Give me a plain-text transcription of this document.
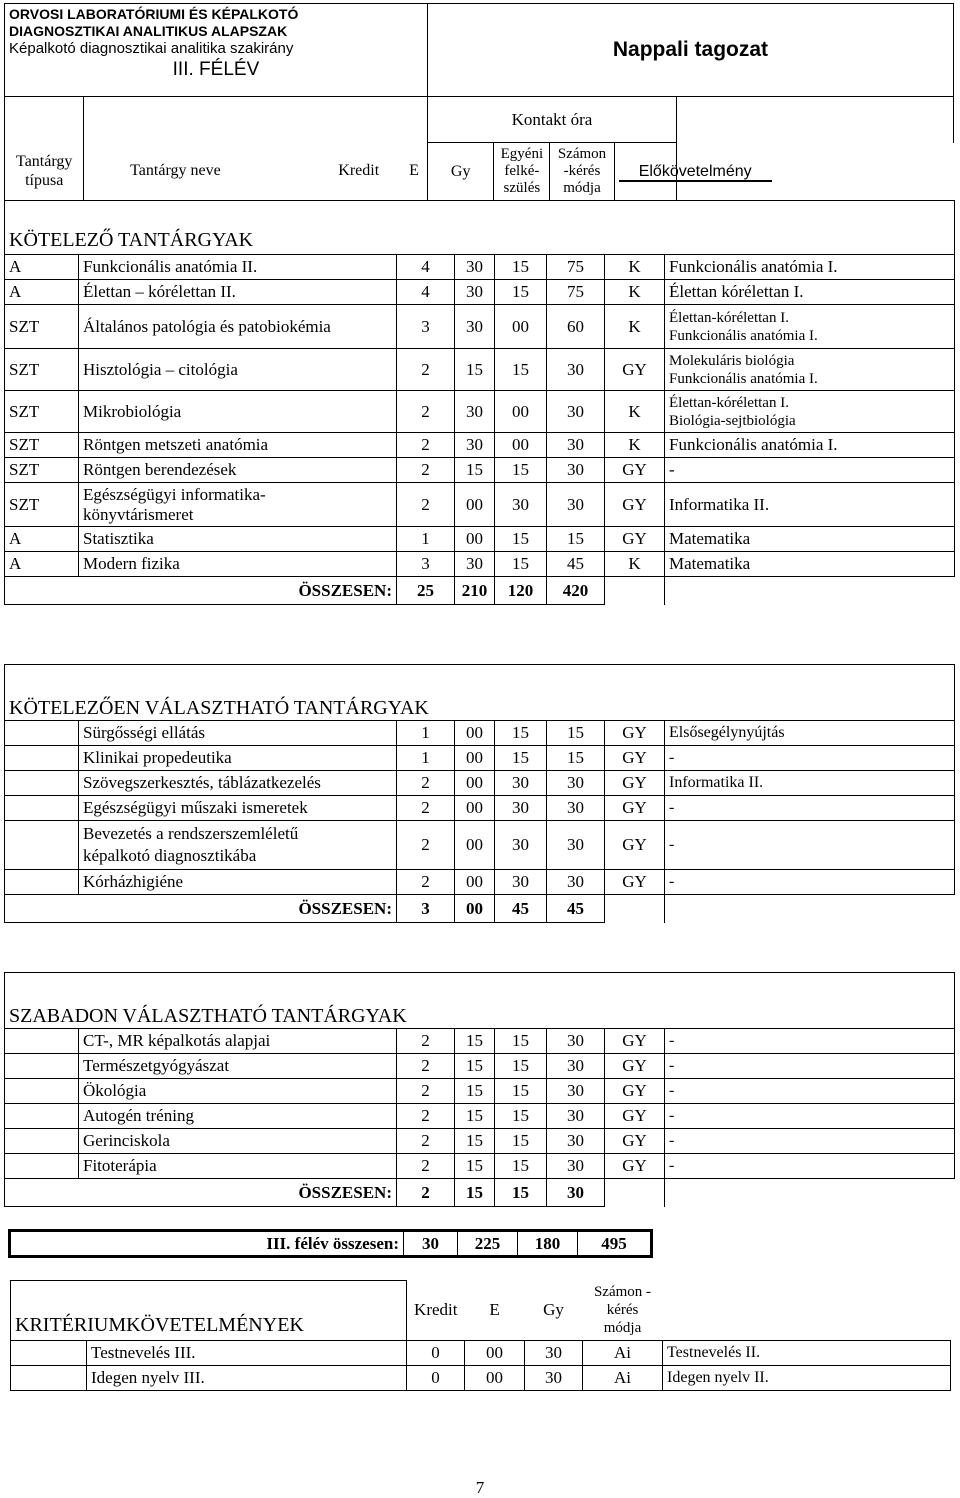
ORVOSI LABORATÓRIUMI ÉS KÉPALKOTÓ
DIAGNOSZTIKAI ANALITIKUS ALAPSZAK
Képalkotó diagnosztikai analitika szakirány
III. FÉLÉV			Nappali tagozat				
			Kontakt óra				
Tantárgy típusa	Tantárgy neve	Kredit E	Gy	Egyéni felké-szülés	Számon -kérés módja	Előkövetelmény	
KÖTELEZŐ TANTÁRGYAK							
A	Funkcionális anatómia II.	4	30	15	75	K	Funkcionális anatómia I.

A	Élettan – kórélettan II.	4	30	15	75	K	Élettan kórélettan I.

SZT	Általános patológia és patobiokémia	3	30	00	60	K	Élettan-kórélettan I.
Funkcionális anatómia I.

SZT	Hisztológia – citológia	2	15	15	30	GY	Molekuláris biológia
Funkcionális anatómia I.

SZT	Mikrobiológia	2	30	00	30	K	Élettan-kórélettan I.
Biológia-sejtbiológia

SZT	Röntgen metszeti anatómia	2	30	00	30	K	Funkcionális anatómia I.

SZT	Röntgen berendezések	2	15	15	30	GY	-

SZT	Egészségügyi informatika-
könyvtárismeret	2	00	30	30	GY	Informatika II.

A	Statisztika	1	00	15	15	GY	Matematika

A	Modern fizika	3	30	15	45	K	Matematika

	ÖSSZESEN:	25	210	120	420		
KÖTELEZŐEN VÁLASZTHATÓ TANTÁRGYAK							
	Sürgősségi ellátás	1	00	15	15	GY	Elsősegélynyújtás
	Klinikai propedeutika	1	00	15	15	GY	-
	Szövegszerkesztés, táblázatkezelés	2	00	30	30	GY	Informatika II.
	Egészségügyi műszaki ismeretek	2	00	30	30	GY	-

	Bevezetés a rendszerszemléletű
képalkotó diagnosztikába	2	00	30	30	GY	-
	Kórházhigiéne	2	00	30	30	GY	-
	ÖSSZESEN:	3	00	45	45		
SZABADON VÁLASZTHATÓ TANTÁRGYAK							
	CT-, MR képalkotás alapjai	2	15	15	30	GY	-
	Természetgyógyászat	2	15	15	30	GY	-
	Ökológia	2	15	15	30	GY	-
	Autogén tréning	2	15	15	30	GY	-
	Gerinciskola	2	15	15	30	GY	-
	Fitoterápia	2	15	15	30	GY	-
	ÖSSZESEN:	2	15	15	30		
III. félév összesen:	30	225	180	495
KRITÉRIUMKÖVETELMÉNYEK		Kredit	E	Gy	Számon -kérés módja	
	Testnevelés III.	0	00	30	Ai	Testnevelés II.
	Idegen nyelv III.	0	00	30	Ai	Idegen nyelv II.
7
